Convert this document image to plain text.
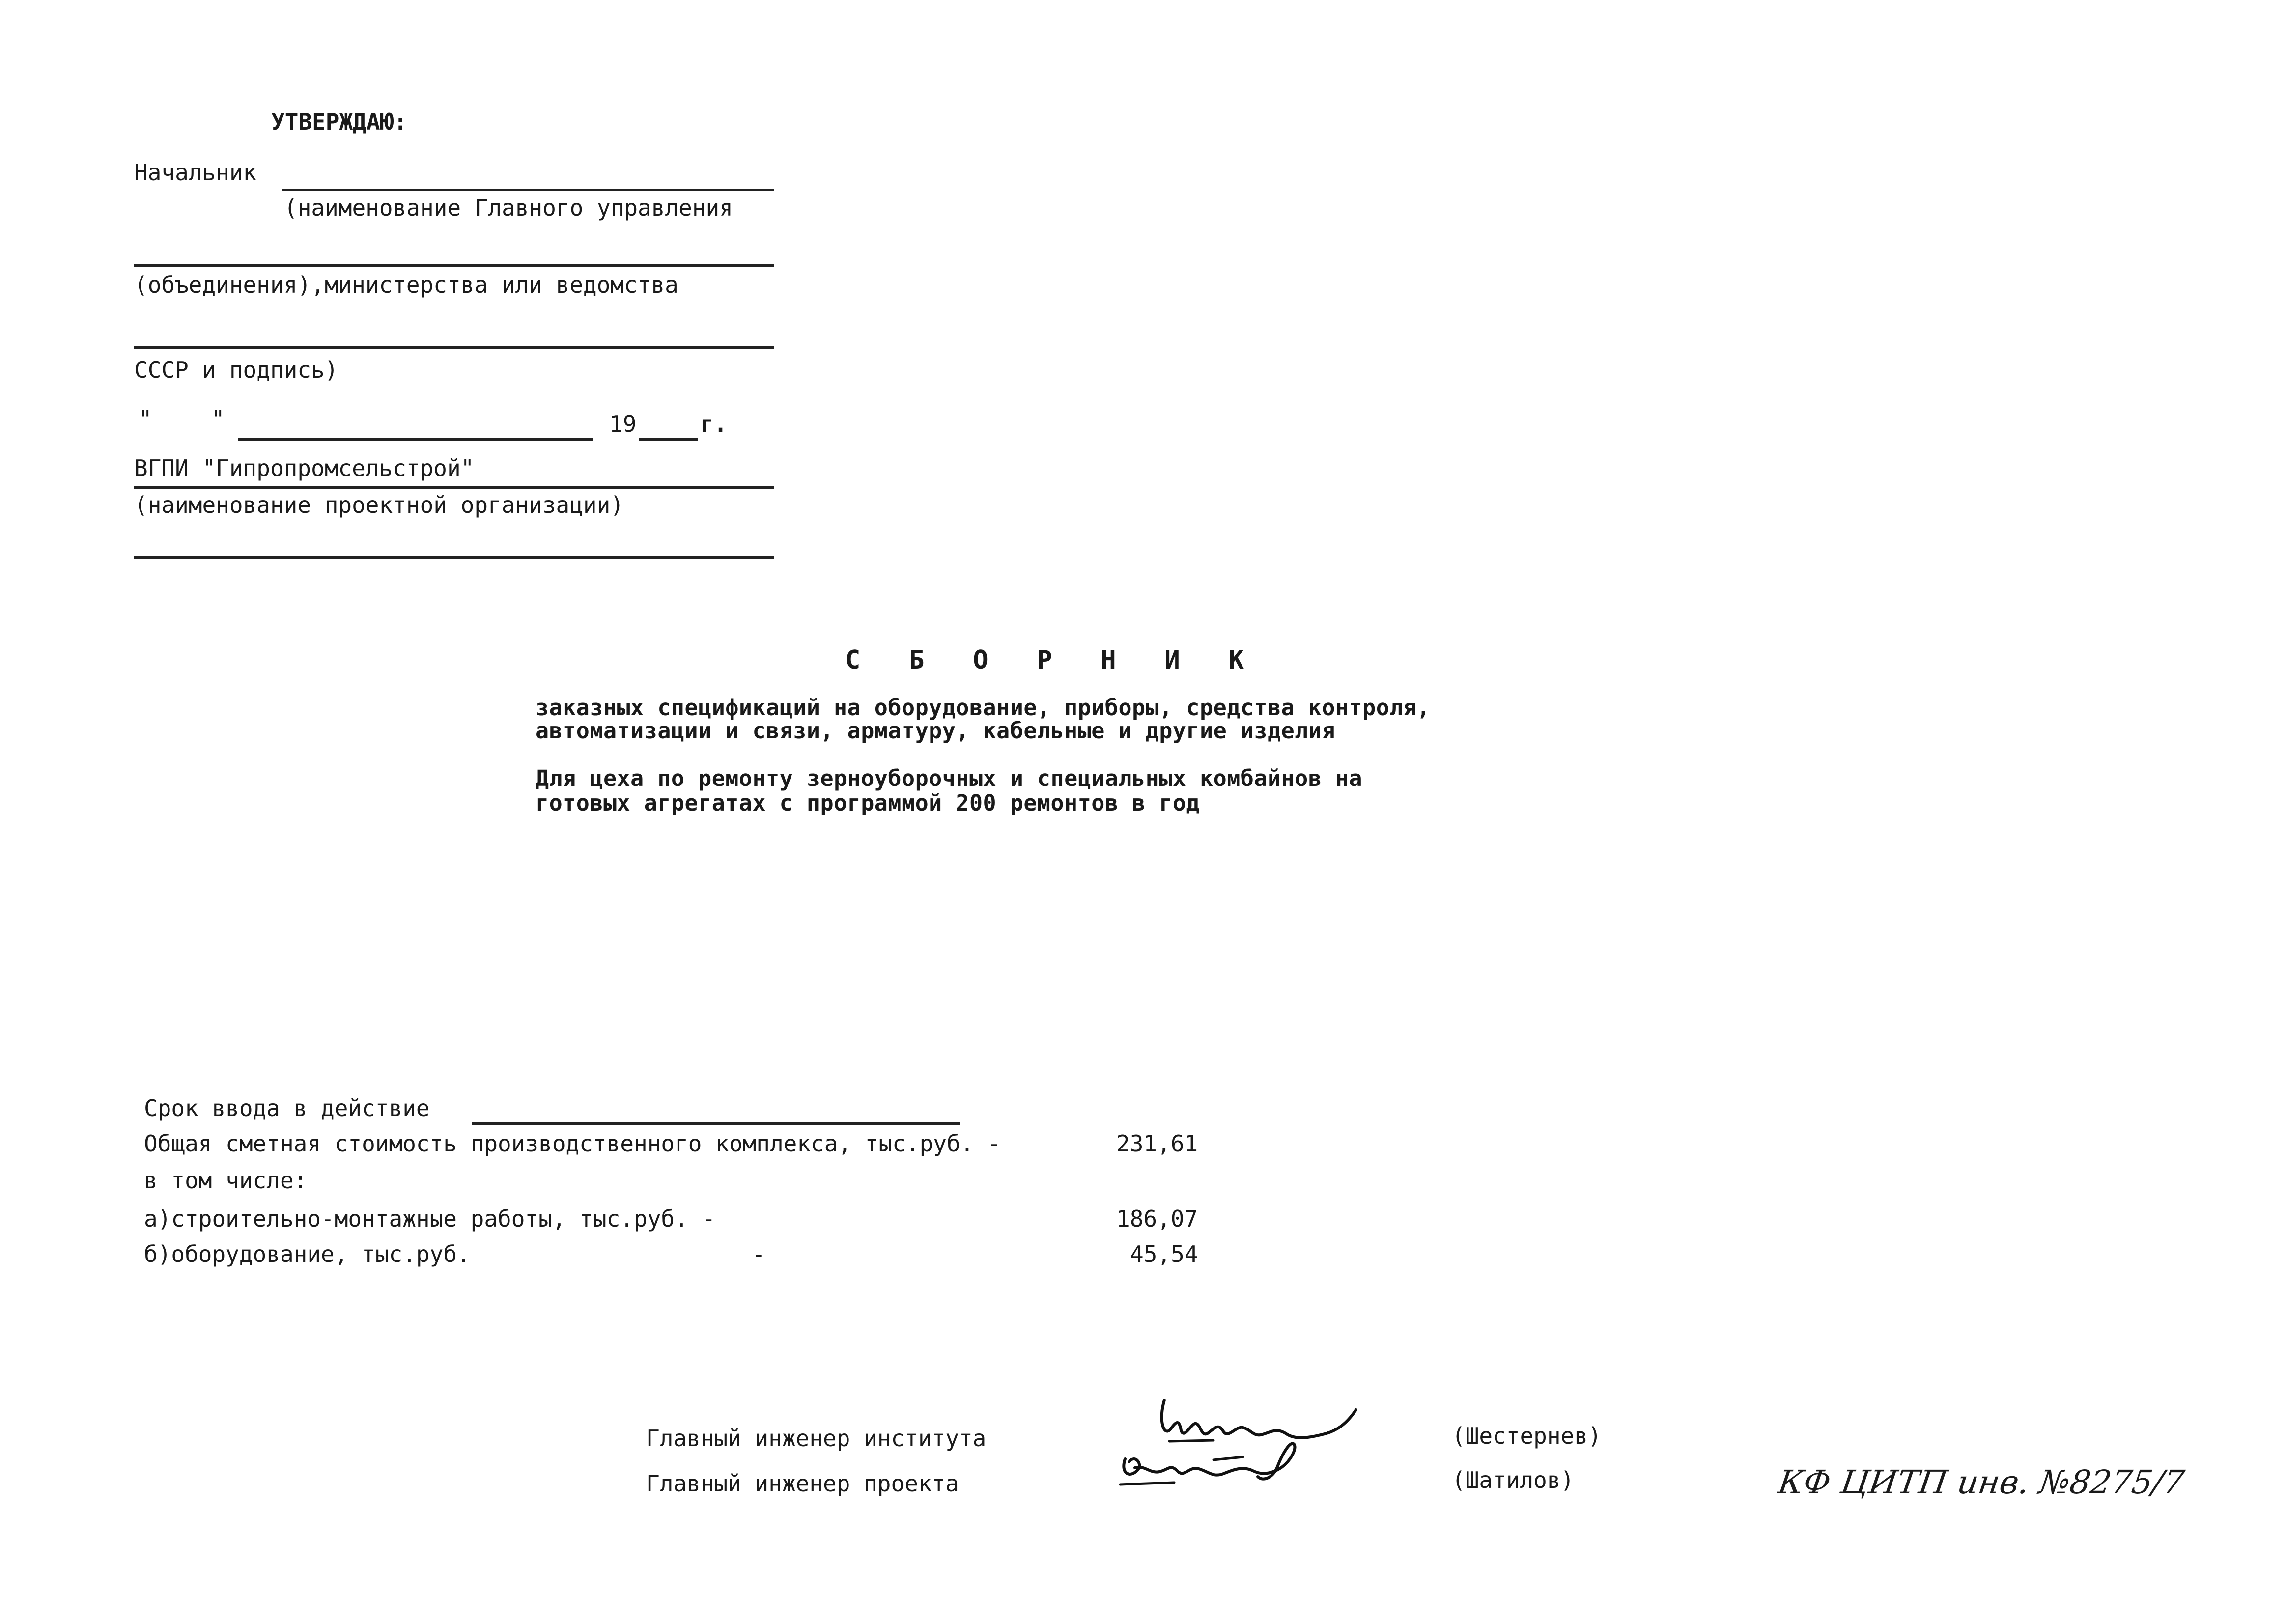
УТВЕРЖДАЮ:
Начальник
(наименование Главного управления
(объединения),министерства или ведомства
СССР и подпись)
"	"	19	г.
ВГПИ "Гипропромсельстрой"
(наименование проектной организации)
СБОРНИК
заказных спецификаций на оборудование, приборы, средства контроля,
автоматизации и связи, арматуру, кабельные и другие изделия
Для цеха по ремонту зерноуборочных и специальных комбайнов на
готовых агрегатах с программой 200 ремонтов в год
Срок ввода в действие
Общая сметная стоимость производственного комплекса, тыс.руб. -	231,61
в том числе:
а)строительно-монтажные работы, тыс.руб. -	186,07
б)оборудование, тыс.руб.	-	45,54
Главный инженер института	(Шестернев)
Главный инженер проекта	(Шатилов)	КФ ЦИТП инв. №8275/7
